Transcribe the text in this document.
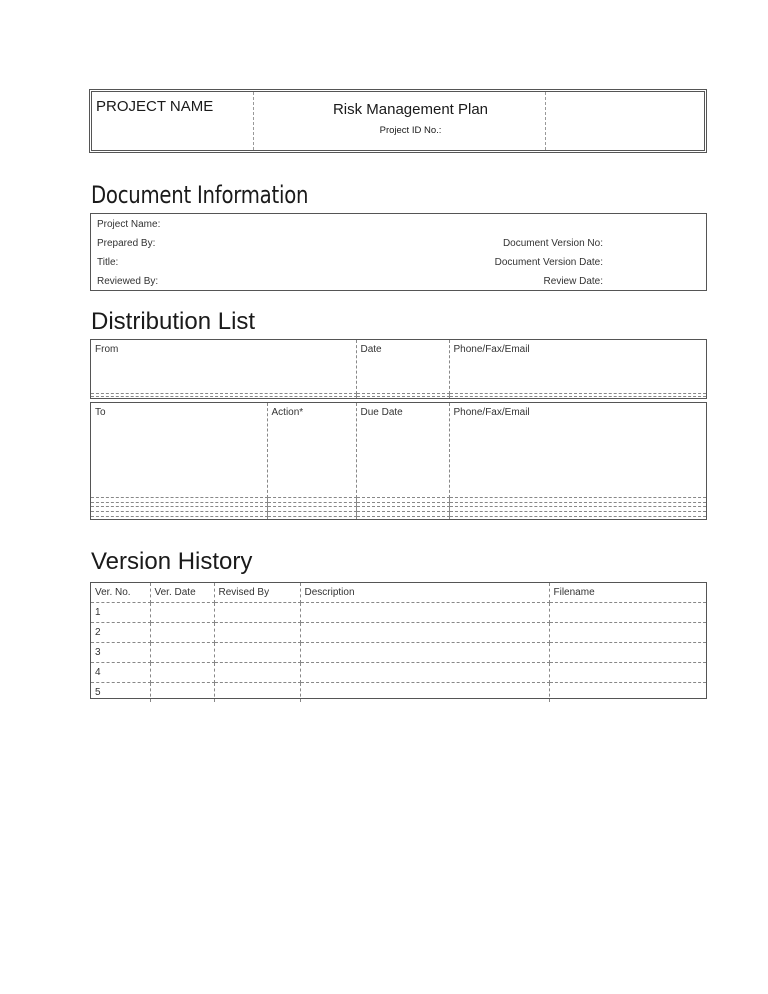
PROJECT NAME	Risk Management Plan
Project ID No.:
Document Information
Project Name:
Prepared By:	Document Version No:
Title:	Document Version Date:
Reviewed By:	Review Date:
Distribution List
From	Date	Phone/Fax/Email

To	Action*	Due Date	Phone/Fax/Email

Version History
Ver. No.	Ver. Date	Revised By	Description	Filename
1				
2				
3				
4				
5				
